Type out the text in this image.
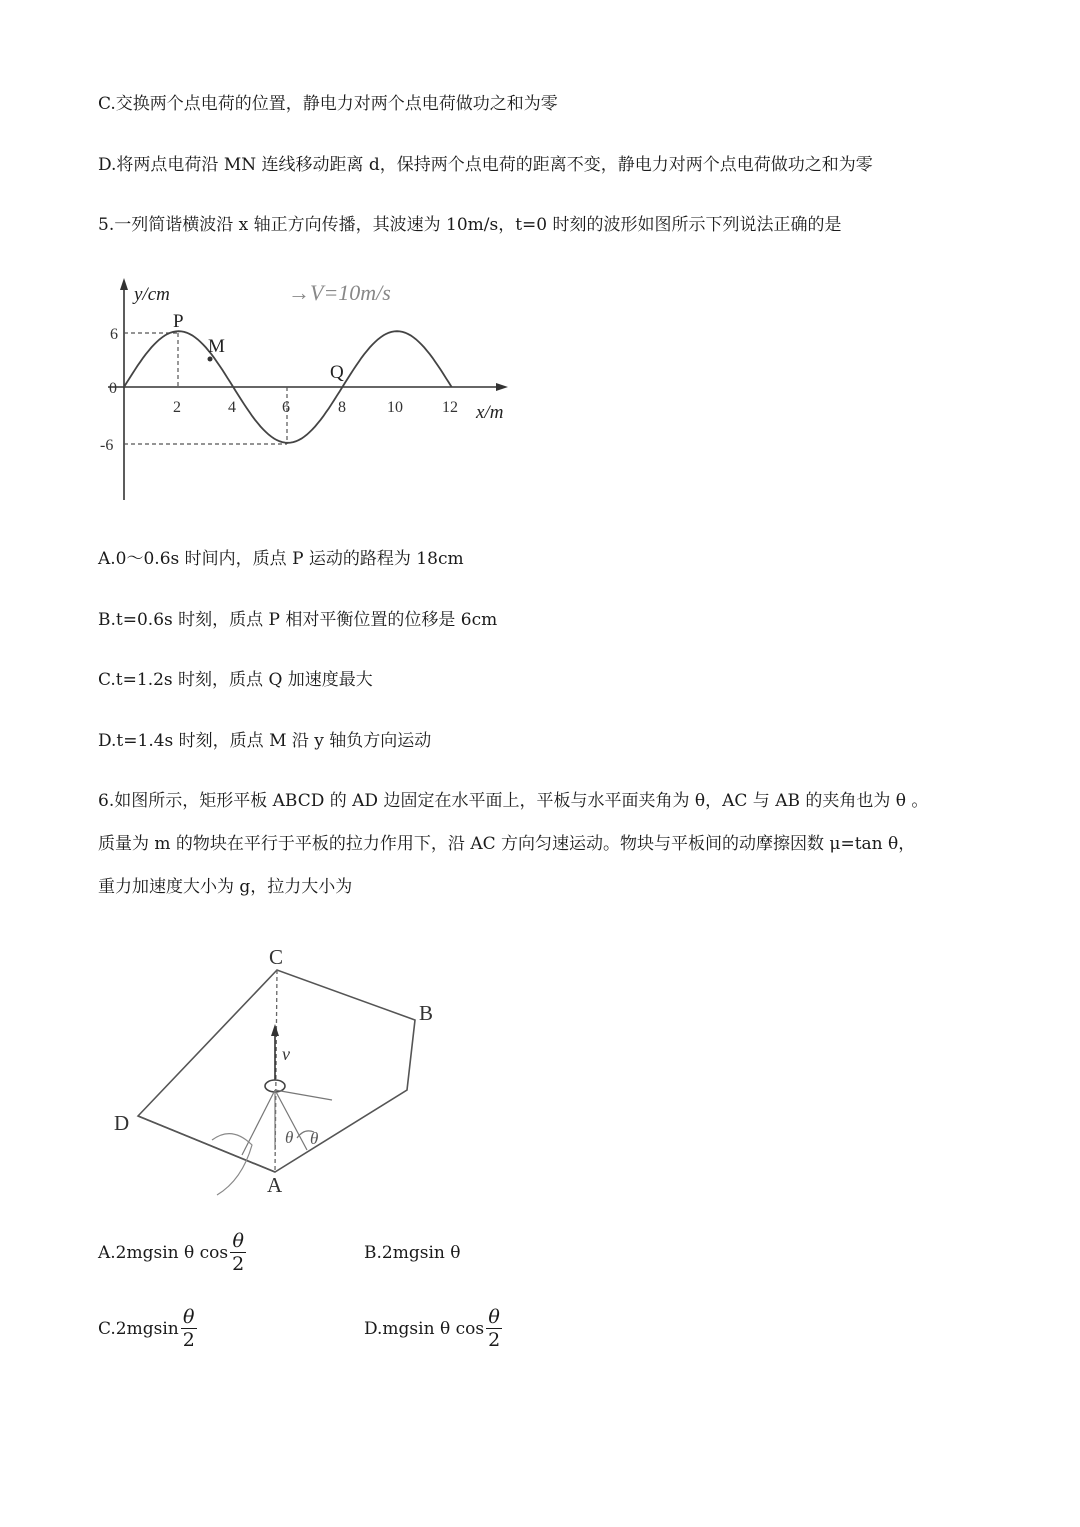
C.交换两个点电荷的位置，静电力对两个点电荷做功之和为零
D.将两点电荷沿 MN 连线移动距离 d，保持两个点电荷的距离不变，静电力对两个点电荷做功之和为零
5.一列简谐横波沿 x 轴正方向传播，其波速为 10m/s，t=0 时刻的波形如图所示下列说法正确的是
6
0
-6
2	4	6	8	10 12
y/cm
x/m
P
M
Q
→V=10m/s
A.0～0.6s 时间内，质点 P 运动的路程为 18cm
B.t=0.6s 时刻，质点 P 相对平衡位置的位移是 6cm
C.t=1.2s 时刻，质点 Q 加速度最大
D.t=1.4s 时刻，质点 M 沿 y 轴负方向运动
6.如图所示，矩形平板 ABCD 的 AD 边固定在水平面上，平板与水平面夹角为 θ，AC 与 AB 的夹角也为 θ 。
质量为 m 的物块在平行于平板的拉力作用下，沿 AC 方向匀速运动。物块与平板间的动摩擦因数 μ=tan θ，
重力加速度大小为 g，拉力大小为
C
B
D
A
v
θ θ
A.2mgsin θ $\cos \frac{\theta}{2}$	B.2mgsin θ
$C.2mgsin \frac{\theta}{2}$	D.mgsin θ $\cos \frac{\theta}{2}$
